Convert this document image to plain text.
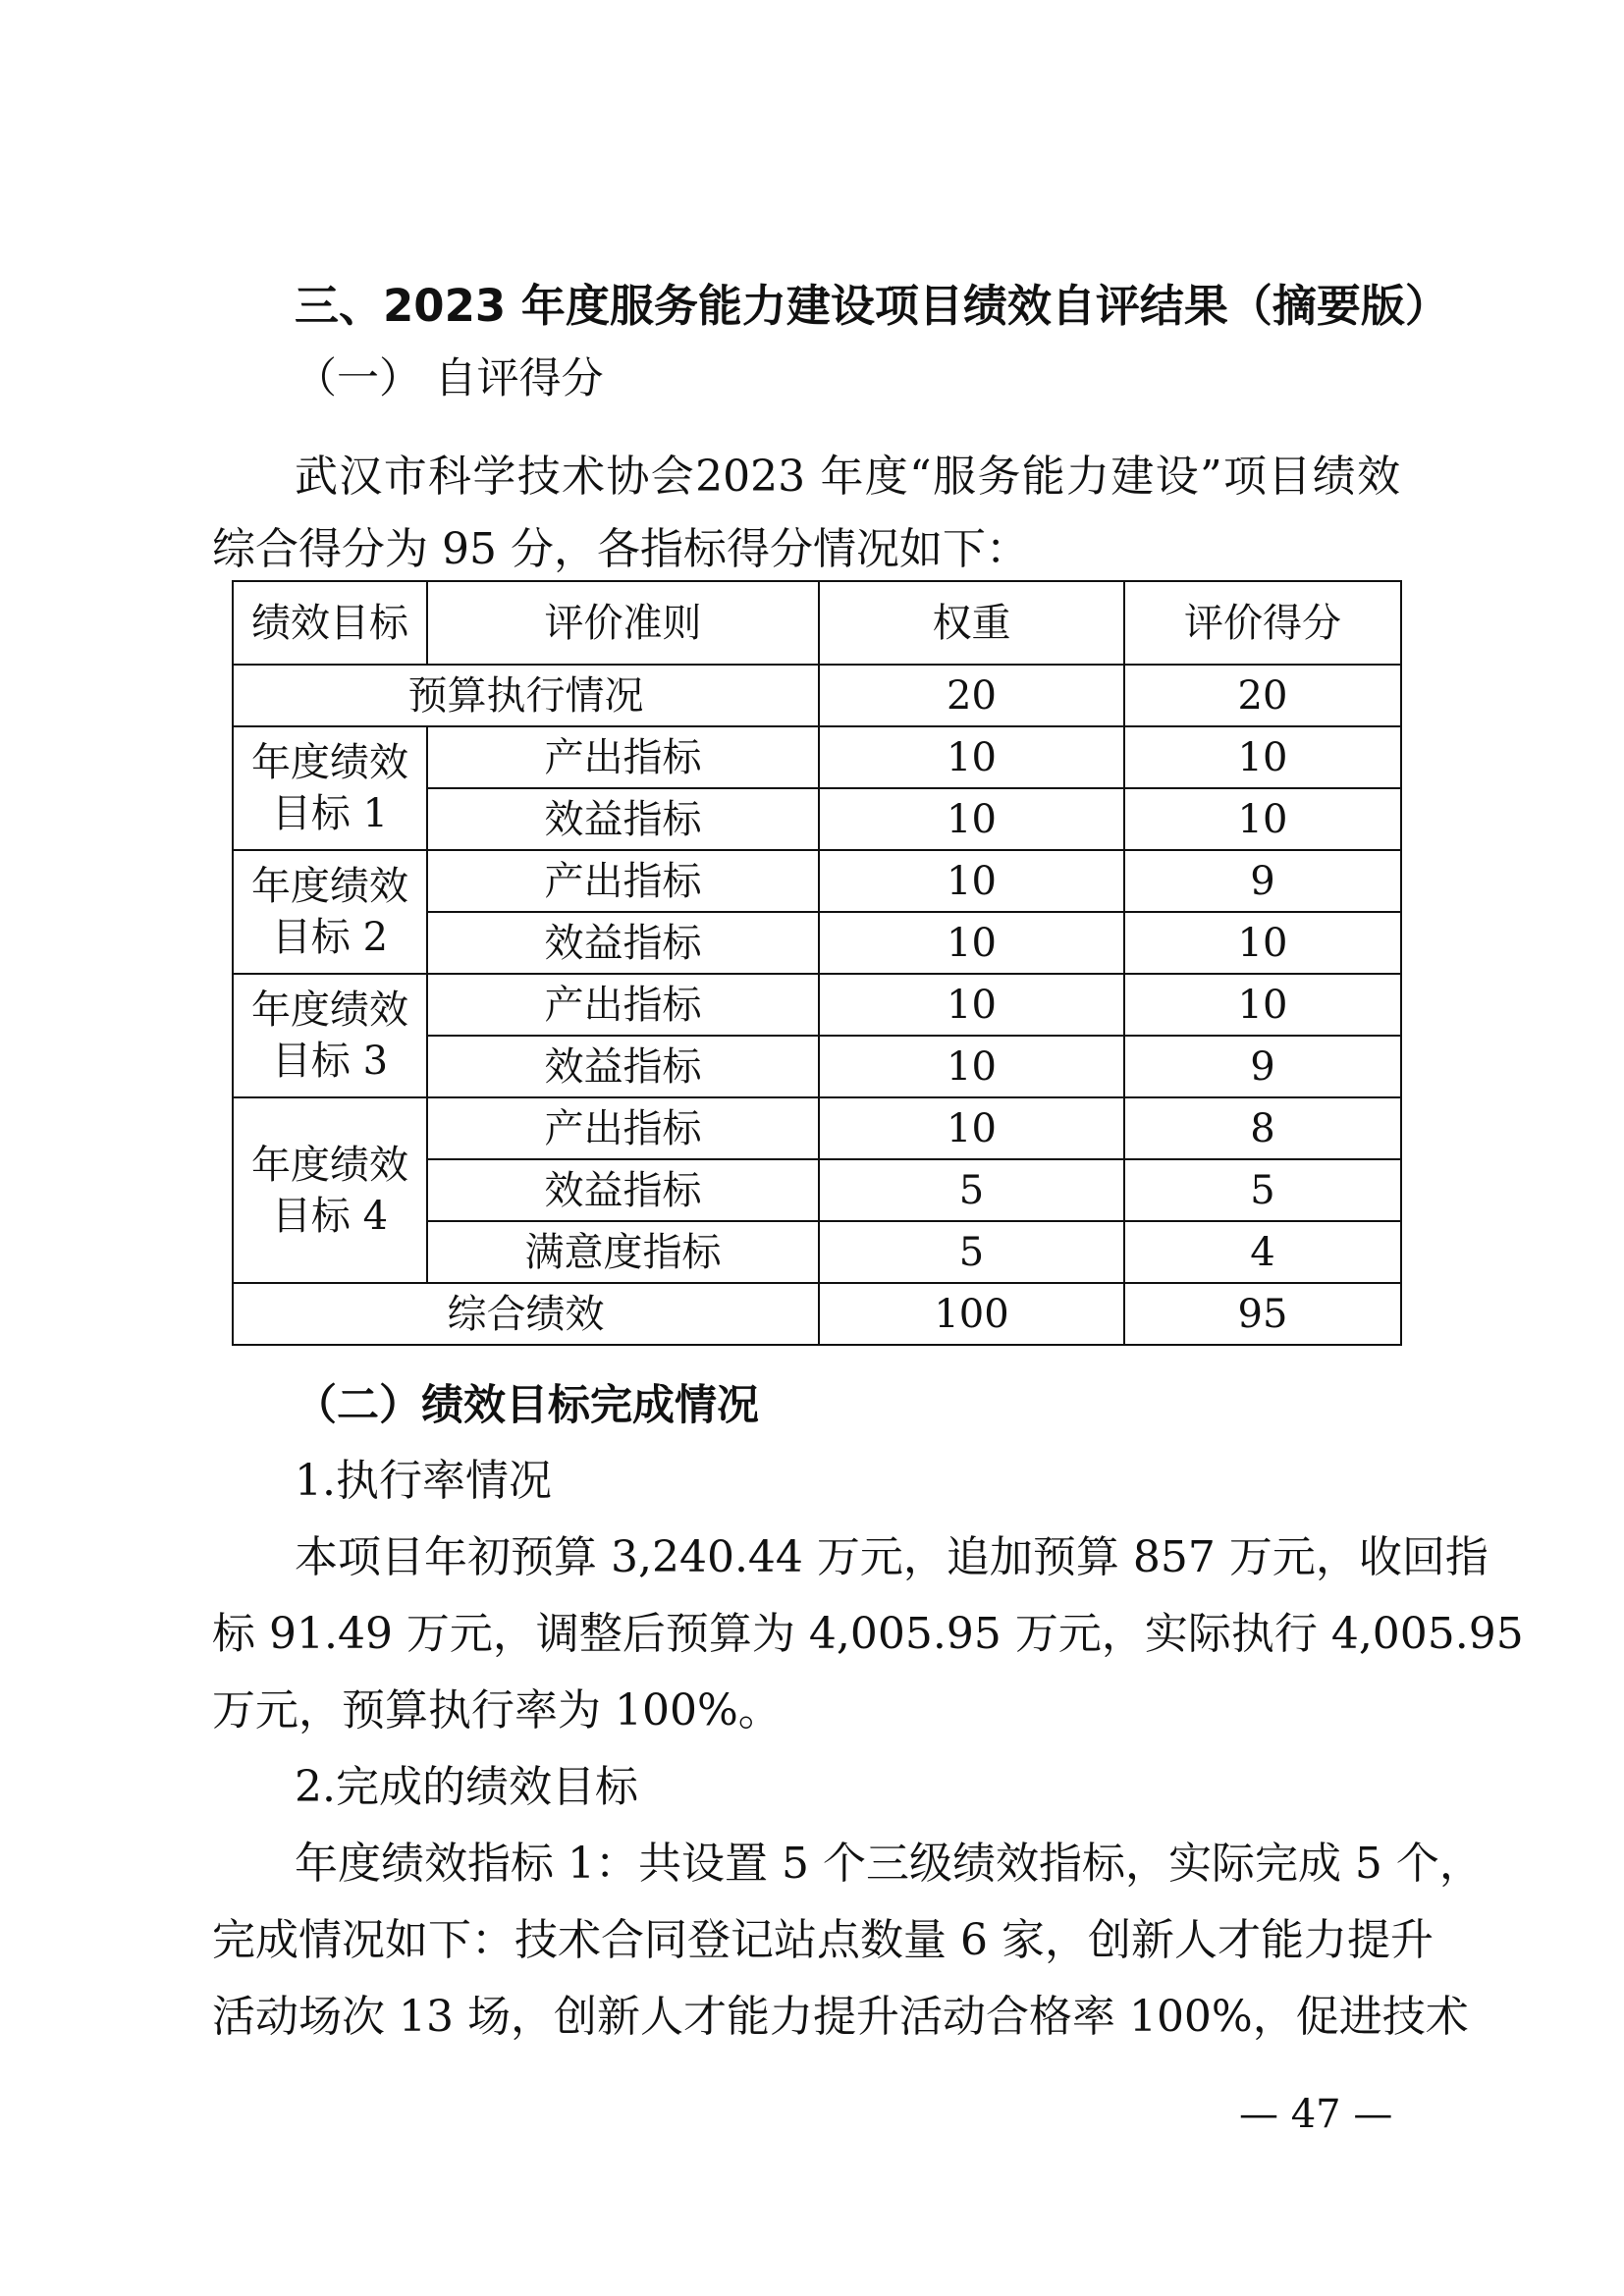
三、2023 年度服务能力建设项目绩效自评结果（摘要版）
（一） 自评得分
武汉市科学技术协会2023 年度“服务能力建设”项目绩效
综合得分为 95 分，各指标得分情况如下：
绩效目标	评价准则	权重	评价得分
预算执行情况		20	20

年度绩效
目标 1	产出指标	10	10
	效益指标	10	10

年度绩效
目标 2	产出指标	10	9
	效益指标	10	10

年度绩效
目标 3	产出指标	10	10
	效益指标	10	9

年度绩效
目标 4	产出指标	10	8
	效益指标	5	5
	满意度指标	5	4
综合绩效		100	95
（二）绩效目标完成情况
1.执行率情况
本项目年初预算 3,240.44 万元，追加预算 857 万元，收回指
标 91.49 万元，调整后预算为 4,005.95 万元，实际执行 4,005.95
万元，预算执行率为 100%。
2.完成的绩效目标
年度绩效指标 1：共设置 5 个三级绩效指标，实际完成 5 个，
完成情况如下：技术合同登记站点数量 6 家，创新人才能力提升
活动场次 13 场，创新人才能力提升活动合格率 100%，促进技术
— 47 —
